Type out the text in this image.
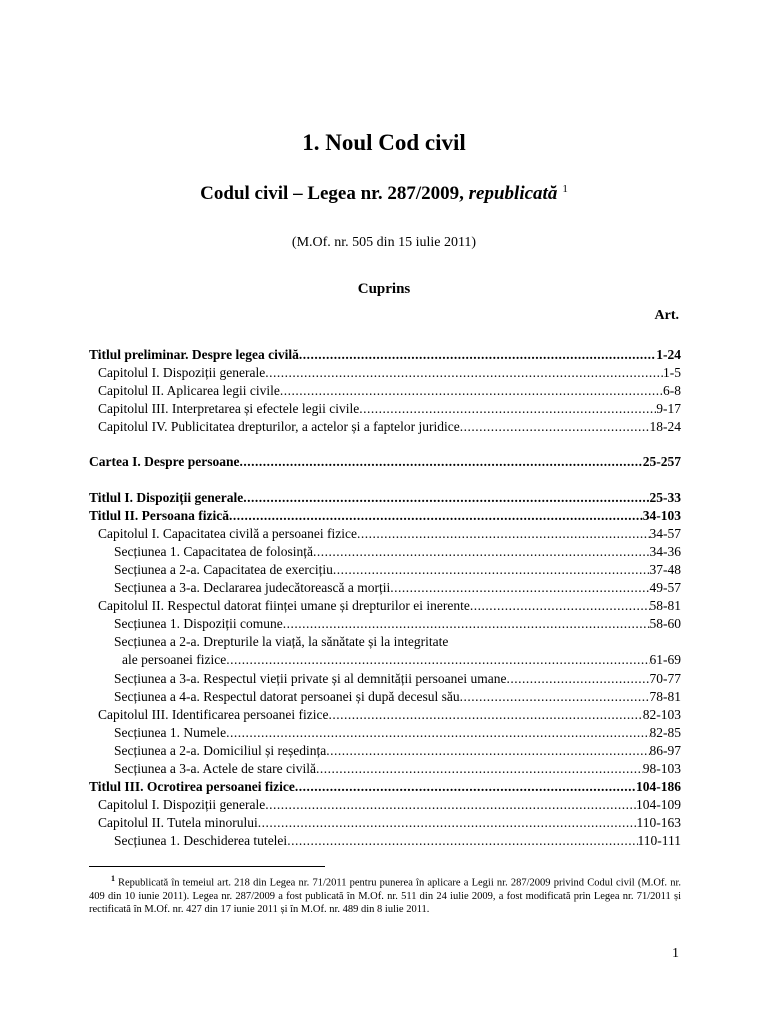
1. Noul Cod civil
Codul civil – Legea nr. 287/2009, republicată $^1$
(M.Of. nr. 505 din 15 iulie 2011)
Cuprins
Art.
Titlul preliminar. Despre legea civilă .....	1-24
Capitolul I. Dispoziții generale .....	1-5
Capitolul II. Aplicarea legii civile .....	6-8
Capitolul III. Interpretarea și efectele legii civile .....	9-17
Capitolul IV. Publicitatea drepturilor, a actelor și a faptelor juridice .....	18-24
Cartea I. Despre persoane .....	25-257
Titlul I. Dispoziții generale .....	25-33
Titlul II. Persoana fizică .....	34-103
Capitolul I. Capacitatea civilă a persoanei fizice .....	34-57
Secțiunea 1. Capacitatea de folosință .....	34-36
Secțiunea a 2-a. Capacitatea de exercițiu .....	37-48
Secțiunea a 3-a. Declararea judecătorească a morții .....	49-57
Capitolul II. Respectul datorat ființei umane și drepturilor ei inerente .....	58-81
Secțiunea 1. Dispoziții comune .....	58-60
Secțiunea a 2-a. Drepturile la viață, la sănătate și la integritate
ale persoanei fizice .....	61-69
Secțiunea a 3-a. Respectul vieții private și al demnității persoanei umane .....	70-77
Secțiunea a 4-a. Respectul datorat persoanei și după decesul său .....	78-81
Capitolul III. Identificarea persoanei fizice .....	82-103
Secțiunea 1. Numele .....	82-85
Secțiunea a 2-a. Domiciliul și reședința .....	86-97
Secțiunea a 3-a. Actele de stare civilă .....	98-103
Titlul III. Ocrotirea persoanei fizice .....	104-186
Capitolul I. Dispoziții generale .....	104-109
Capitolul II. Tutela minorului .....	110-163
Secțiunea 1. Deschiderea tutelei .....	110-111
$^1$ Republicată în temeiul art. 218 din Legea nr. 71/2011 pentru punerea în aplicare a Legii nr. 287/2009 privind Codul civil (M.Of. nr. 409 din 10 iunie 2011). Legea nr. 287/2009 a fost publicată în M.Of. nr. 511 din 24 iulie 2009, a fost modificată prin Legea nr. 71/2011 și rectificată în M.Of. nr. 427 din 17 iunie 2011 și în M.Of. nr. 489 din 8 iulie 2011.
1
